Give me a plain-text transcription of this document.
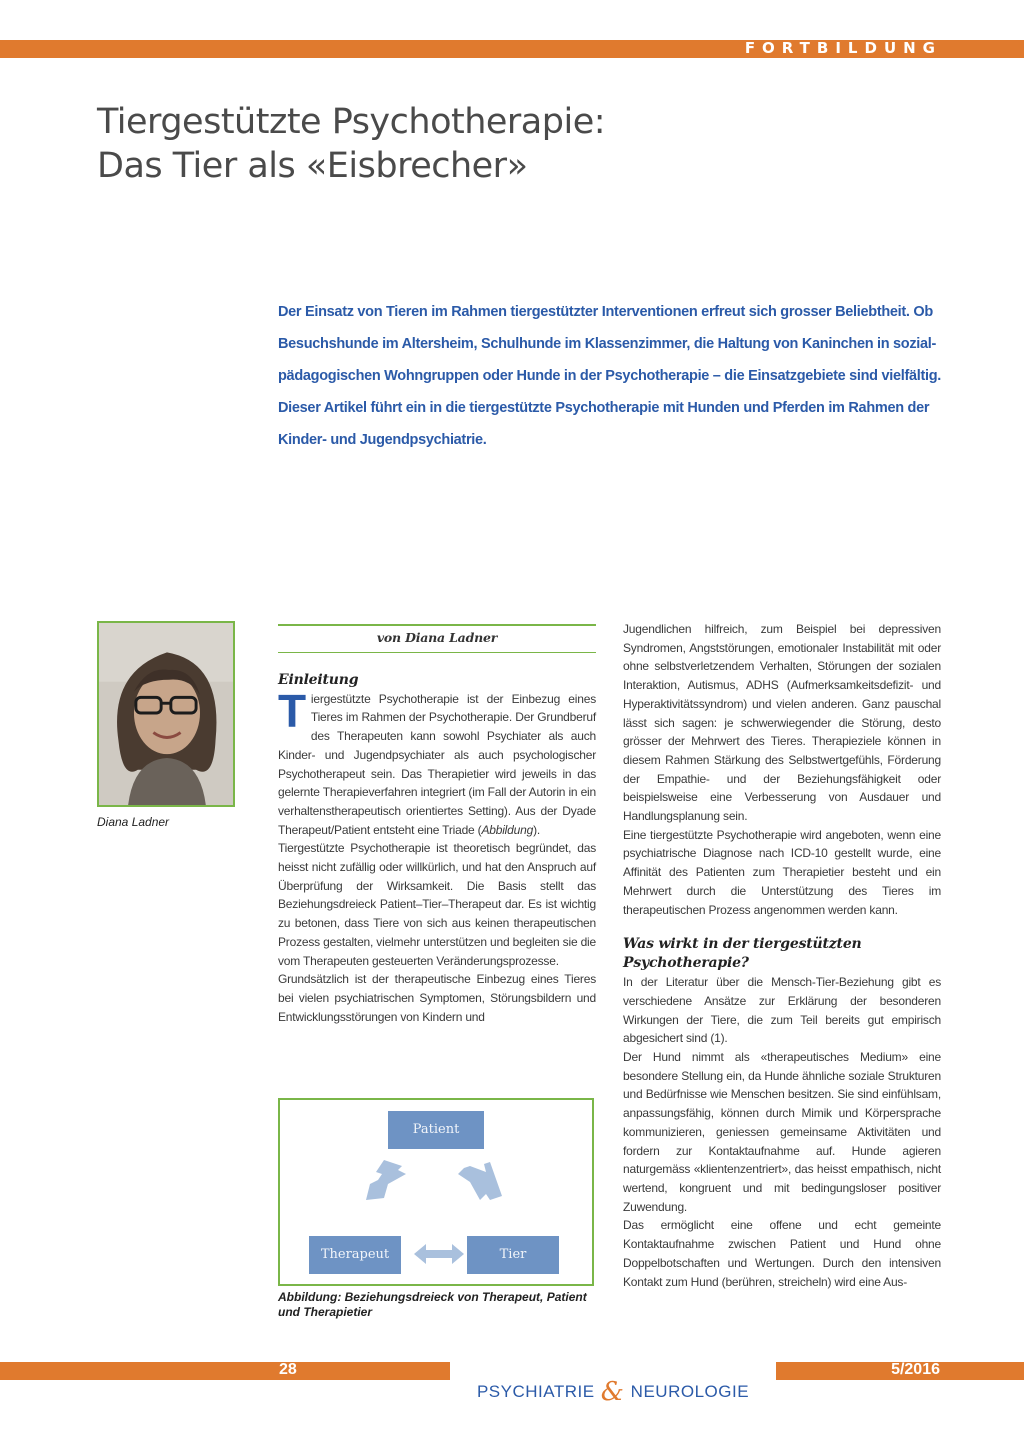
FORTBILDUNG
Tiergestützte Psychotherapie:
Das Tier als «Eisbrecher»

Der Einsatz von Tieren im Rahmen tiergestützter Interventionen erfreut sich grosser Beliebtheit. Ob Besuchshunde im Altersheim, Schulhunde im Klassenzimmer, die Haltung von Kaninchen in sozial-pädagogischen Wohngruppen oder Hunde in der Psychotherapie – die Einsatzgebiete sind vielfältig. Dieser Artikel führt ein in die tiergestützte Psychotherapie mit Hunden und Pferden im Rahmen der Kinder- und Jugendpsychiatrie.

Diana Ladner
von Diana Ladner
Einleitung

Tiergestützte Psychotherapie ist der Einbezug eines Tieres im Rahmen der Psychotherapie. Der Grundberuf des Therapeuten kann sowohl Psychiater als auch Kinder- und Jugendpsychiater als auch psychologischer Psychotherapeut sein. Das Therapietier wird jeweils in das gelernte Therapieverfahren integriert (im Fall der Autorin in ein verhaltenstherapeutisch orientiertes Setting). Aus der Dyade Therapeut/Patient entsteht eine Triade (Abbildung).

Tiergestützte Psychotherapie ist theoretisch begründet, das heisst nicht zufällig oder willkürlich, und hat den Anspruch auf Überprüfung der Wirksamkeit. Die Basis stellt das Beziehungsdreieck Patient–Tier–Therapeut dar. Es ist wichtig zu betonen, dass Tiere von sich aus keinen therapeutischen Prozess gestalten, vielmehr unterstützen und begleiten sie die vom Therapeuten gesteuerten Veränderungsprozesse.

Grundsätzlich ist der therapeutische Einbezug eines Tieres bei vielen psychiatrischen Symptomen, Störungsbildern und Entwicklungsstörungen von Kindern und

Patient
Therapeut	Tier
Abbildung: Beziehungsdreieck von Therapeut, Patient und Therapietier

Jugendlichen hilfreich, zum Beispiel bei depressiven Syndromen, Angststörungen, emotionaler Instabilität mit oder ohne selbstverletzendem Verhalten, Störungen der sozialen Interaktion, Autismus, ADHS (Aufmerksamkeitsdefizit- und Hyperaktivitätssyndrom) und vielen anderen. Ganz pauschal lässt sich sagen: je schwerwiegender die Störung, desto grösser der Mehrwert des Tieres. Therapieziele können in diesem Rahmen Stärkung des Selbstwertgefühls, Förderung der Empathie- und der Beziehungsfähigkeit oder beispielsweise eine Verbesserung von Ausdauer und Handlungsplanung sein.

Eine tiergestützte Psychotherapie wird angeboten, wenn eine psychiatrische Diagnose nach ICD-10 gestellt wurde, eine Affinität des Patienten zum Therapietier besteht und ein Mehrwert durch die Unterstützung des Tieres im therapeutischen Prozess angenommen werden kann.

Was wirkt in der tiergestützten Psychotherapie?

In der Literatur über die Mensch-Tier-Beziehung gibt es verschiedene Ansätze zur Erklärung der besonderen Wirkungen der Tiere, die zum Teil bereits gut empirisch abgesichert sind (1).

Der Hund nimmt als «therapeutisches Medium» eine besondere Stellung ein, da Hunde ähnliche soziale Strukturen und Bedürfnisse wie Menschen besitzen. Sie sind einfühlsam, anpassungsfähig, können durch Mimik und Körpersprache kommunizieren, geniessen gemeinsame Aktivitäten und fordern zur Kontaktaufnahme auf. Hunde agieren naturgemäss «klientenzentriert», das heisst empathisch, nicht wertend, kongruent und mit bedingungsloser positiver Zuwendung.

Das ermöglicht eine offene und echt gemeinte Kontaktaufnahme zwischen Patient und Hund ohne Doppelbotschaften und Wertungen. Durch den intensiven Kontakt zum Hund (berühren, streicheln) wird eine Aus-

28	5/2016
PSYCHIATRIE & NEUROLOGIE
